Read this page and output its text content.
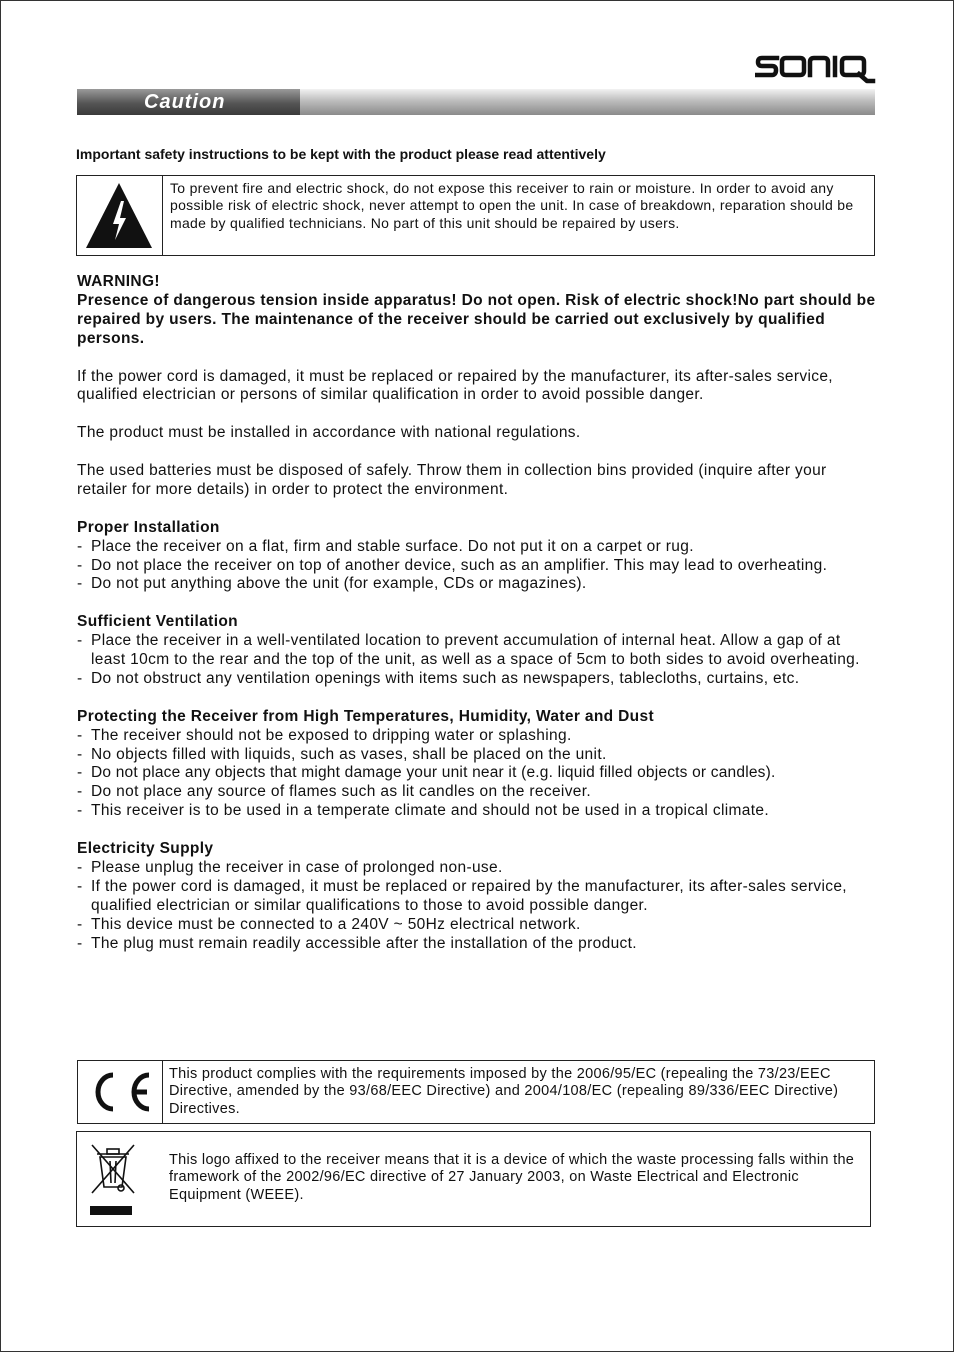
Caution
Important safety instructions to be kept with the product please read attentively
To prevent fire and electric shock, do not expose this receiver to rain or moisture. In order to avoid any possible risk of electric shock, never attempt to open the unit. In case of breakdown, reparation should be made by qualified technicians. No part of this unit should be repaired by users.

WARNING!

Presence of dangerous tension inside apparatus! Do not open. Risk of electric shock!No part should be repaired by users. The maintenance of the receiver should be carried out exclusively by qualified persons.

If the power cord is damaged, it must be replaced or repaired by the manufacturer, its after-sales service, qualified electrician or persons of similar qualification in order to avoid possible danger.

The product must be installed in accordance with national regulations.

The used batteries must be disposed of safely. Throw them in collection bins provided (inquire after your retailer for more details) in order to protect the environment.

Proper Installation

- Place the receiver on a flat, firm and stable surface. Do not put it on a carpet or rug.
- Do not place the receiver on top of another device, such as an amplifier. This may lead to overheating.
- Do not put anything above the unit (for example, CDs or magazines).

Sufficient Ventilation

- Place the receiver in a well-ventilated location to prevent accumulation of internal heat. Allow a gap of at least 10cm to the rear and the top of the unit, as well as a space of 5cm to both sides to avoid overheating.
- Do not obstruct any ventilation openings with items such as newspapers, tablecloths, curtains, etc.

Protecting the Receiver from High Temperatures, Humidity, Water and Dust

- The receiver should not be exposed to dripping water or splashing.
- No objects filled with liquids, such as vases, shall be placed on the unit.
- Do not place any objects that might damage your unit near it (e.g. liquid filled objects or candles).
- Do not place any source of flames such as lit candles on the receiver.
- This receiver is to be used in a temperate climate and should not be used in a tropical climate.

Electricity Supply

- Please unplug the receiver in case of prolonged non-use.
- If the power cord is damaged, it must be replaced or repaired by the manufacturer, its after-sales service, qualified electrician or similar qualifications to those to avoid possible danger.
- This device must be connected to a 240V ~ 50Hz electrical network.
- The plug must remain readily accessible after the installation of the product.
This product complies with the requirements imposed by the 2006/95/EC (repealing the 73/23/EEC Directive, amended by the 93/68/EEC Directive) and 2004/108/EC (repealing 89/336/EEC Directive) Directives.
This logo affixed to the receiver means that it is a device of which the waste processing falls within the framework of the 2002/96/EC directive of 27 January 2003, on Waste Electrical and Electronic Equipment (WEEE).
